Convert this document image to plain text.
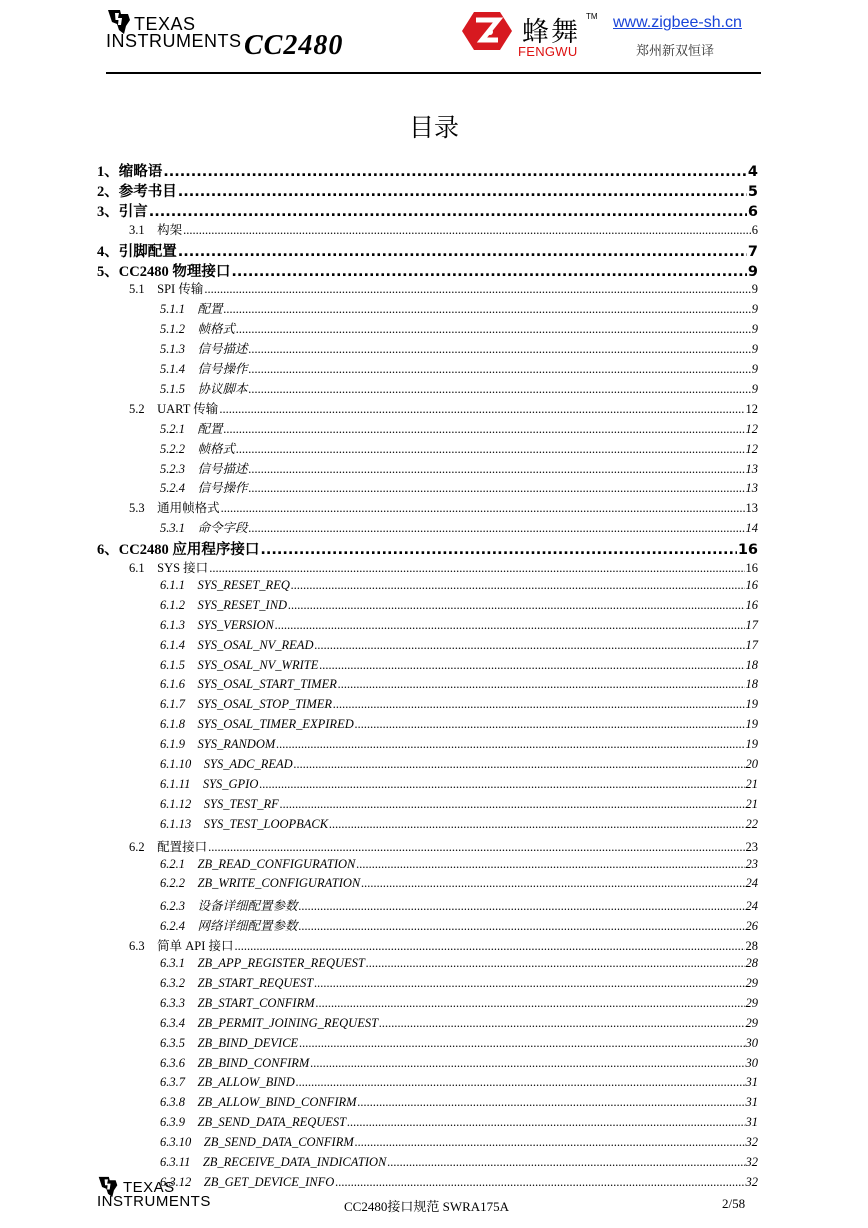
TEXAS
INSTRUMENTS CC2480	蜂舞
TM
FENGWU
www.zigbee-sh.cn
郑州新双恒译
目录
1、缩略语 .....	4
2、参考书目 .....	5
3、引言 .....	6
3.1    构架 .....	6
4、引脚配置 .....	7
5、CC2480 物理接口 .....	9
5.1    SPI 传输 .....	9
5.1.1    配置 .....	9
5.1.2    帧格式 .....	9
5.1.3    信号描述 .....	9
5.1.4    信号操作 .....	9
5.1.5    协议脚本 .....	9
5.2    UART 传输 .....	12
5.2.1    配置 .....	12
5.2.2    帧格式 .....	12
5.2.3    信号描述 .....	13
5.2.4    信号操作 .....	13
5.3    通用帧格式 .....	13
5.3.1    命令字段 .....	14
6、CC2480 应用程序接口 .....	16
6.1    SYS 接口 .....	16
6.1.1    SYS_RESET_REQ .....	16
6.1.2    SYS_RESET_IND .....	16
6.1.3    SYS_VERSION .....	17
6.1.4    SYS_OSAL_NV_READ .....	17
6.1.5    SYS_OSAL_NV_WRITE .....	18
6.1.6    SYS_OSAL_START_TIMER .....	18
6.1.7    SYS_OSAL_STOP_TIMER .....	19
6.1.8    SYS_OSAL_TIMER_EXPIRED .....	19
6.1.9    SYS_RANDOM .....	19
6.1.10    SYS_ADC_READ .....	20
6.1.11    SYS_GPIO .....	21
6.1.12    SYS_TEST_RF .....	21
6.1.13    SYS_TEST_LOOPBACK .....	22
6.2    配置接口 .....	23
6.2.1    ZB_READ_CONFIGURATION .....	23
6.2.2    ZB_WRITE_CONFIGURATION .....	24
6.2.3    设备详细配置参数 .....	24
6.2.4    网络详细配置参数 .....	26
6.3    简单 API 接口 .....	28
6.3.1    ZB_APP_REGISTER_REQUEST .....	28
6.3.2    ZB_START_REQUEST .....	29
6.3.3    ZB_START_CONFIRM .....	29
6.3.4    ZB_PERMIT_JOINING_REQUEST .....	29
6.3.5    ZB_BIND_DEVICE .....	30
6.3.6    ZB_BIND_CONFIRM .....	30
6.3.7    ZB_ALLOW_BIND .....	31
6.3.8    ZB_ALLOW_BIND_CONFIRM .....	31
6.3.9    ZB_SEND_DATA_REQUEST .....	31
6.3.10    ZB_SEND_DATA_CONFIRM .....	32
6.3.11    ZB_RECEIVE_DATA_INDICATION .....	32
6.3.12    ZB_GET_DEVICE_INFO .....	32
TEXAS
INSTRUMENTS	CC2480接口规范 SWRA175A	2/58
